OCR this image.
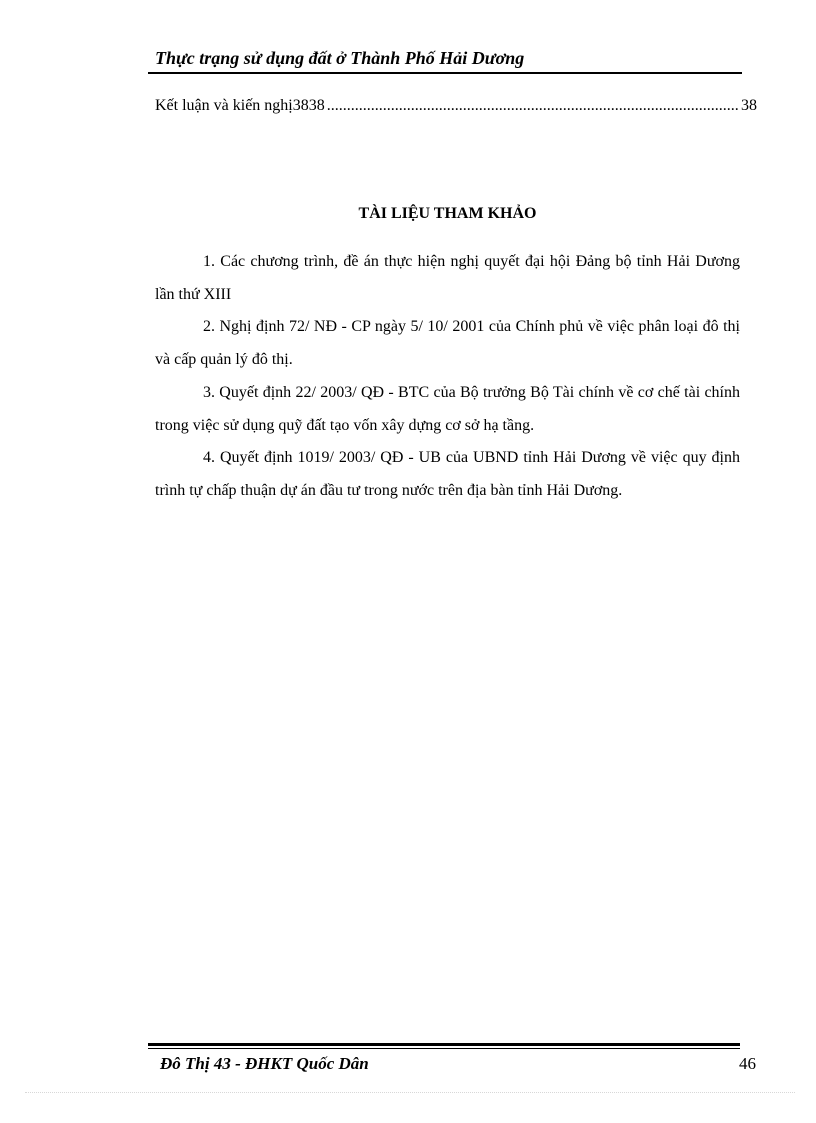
Thực trạng sử dụng đất ở Thành Phố Hải Dương
Kết luận và kiến nghị3838
.....	38
TÀI LIỆU THAM KHẢO

1. Các chương trình, đề án thực hiện nghị quyết đại hội Đảng bộ tỉnh Hải Dương lần thứ XIII

2. Nghị định 72/ NĐ - CP ngày 5/ 10/ 2001 của Chính phủ về việc phân loại đô thị và cấp quản lý đô thị.

3. Quyết định 22/ 2003/ QĐ - BTC của Bộ trưởng Bộ Tài chính về cơ chế tài chính trong việc sử dụng quỹ đất tạo vốn xây dựng cơ sở hạ tầng.

4. Quyết định 1019/ 2003/ QĐ - UB của UBND tỉnh Hải Dương về việc quy định trình tự chấp thuận dự án đầu tư trong nước trên địa bàn tỉnh Hải Dương.

Đô Thị 43 - ĐHKT Quốc Dân	46
